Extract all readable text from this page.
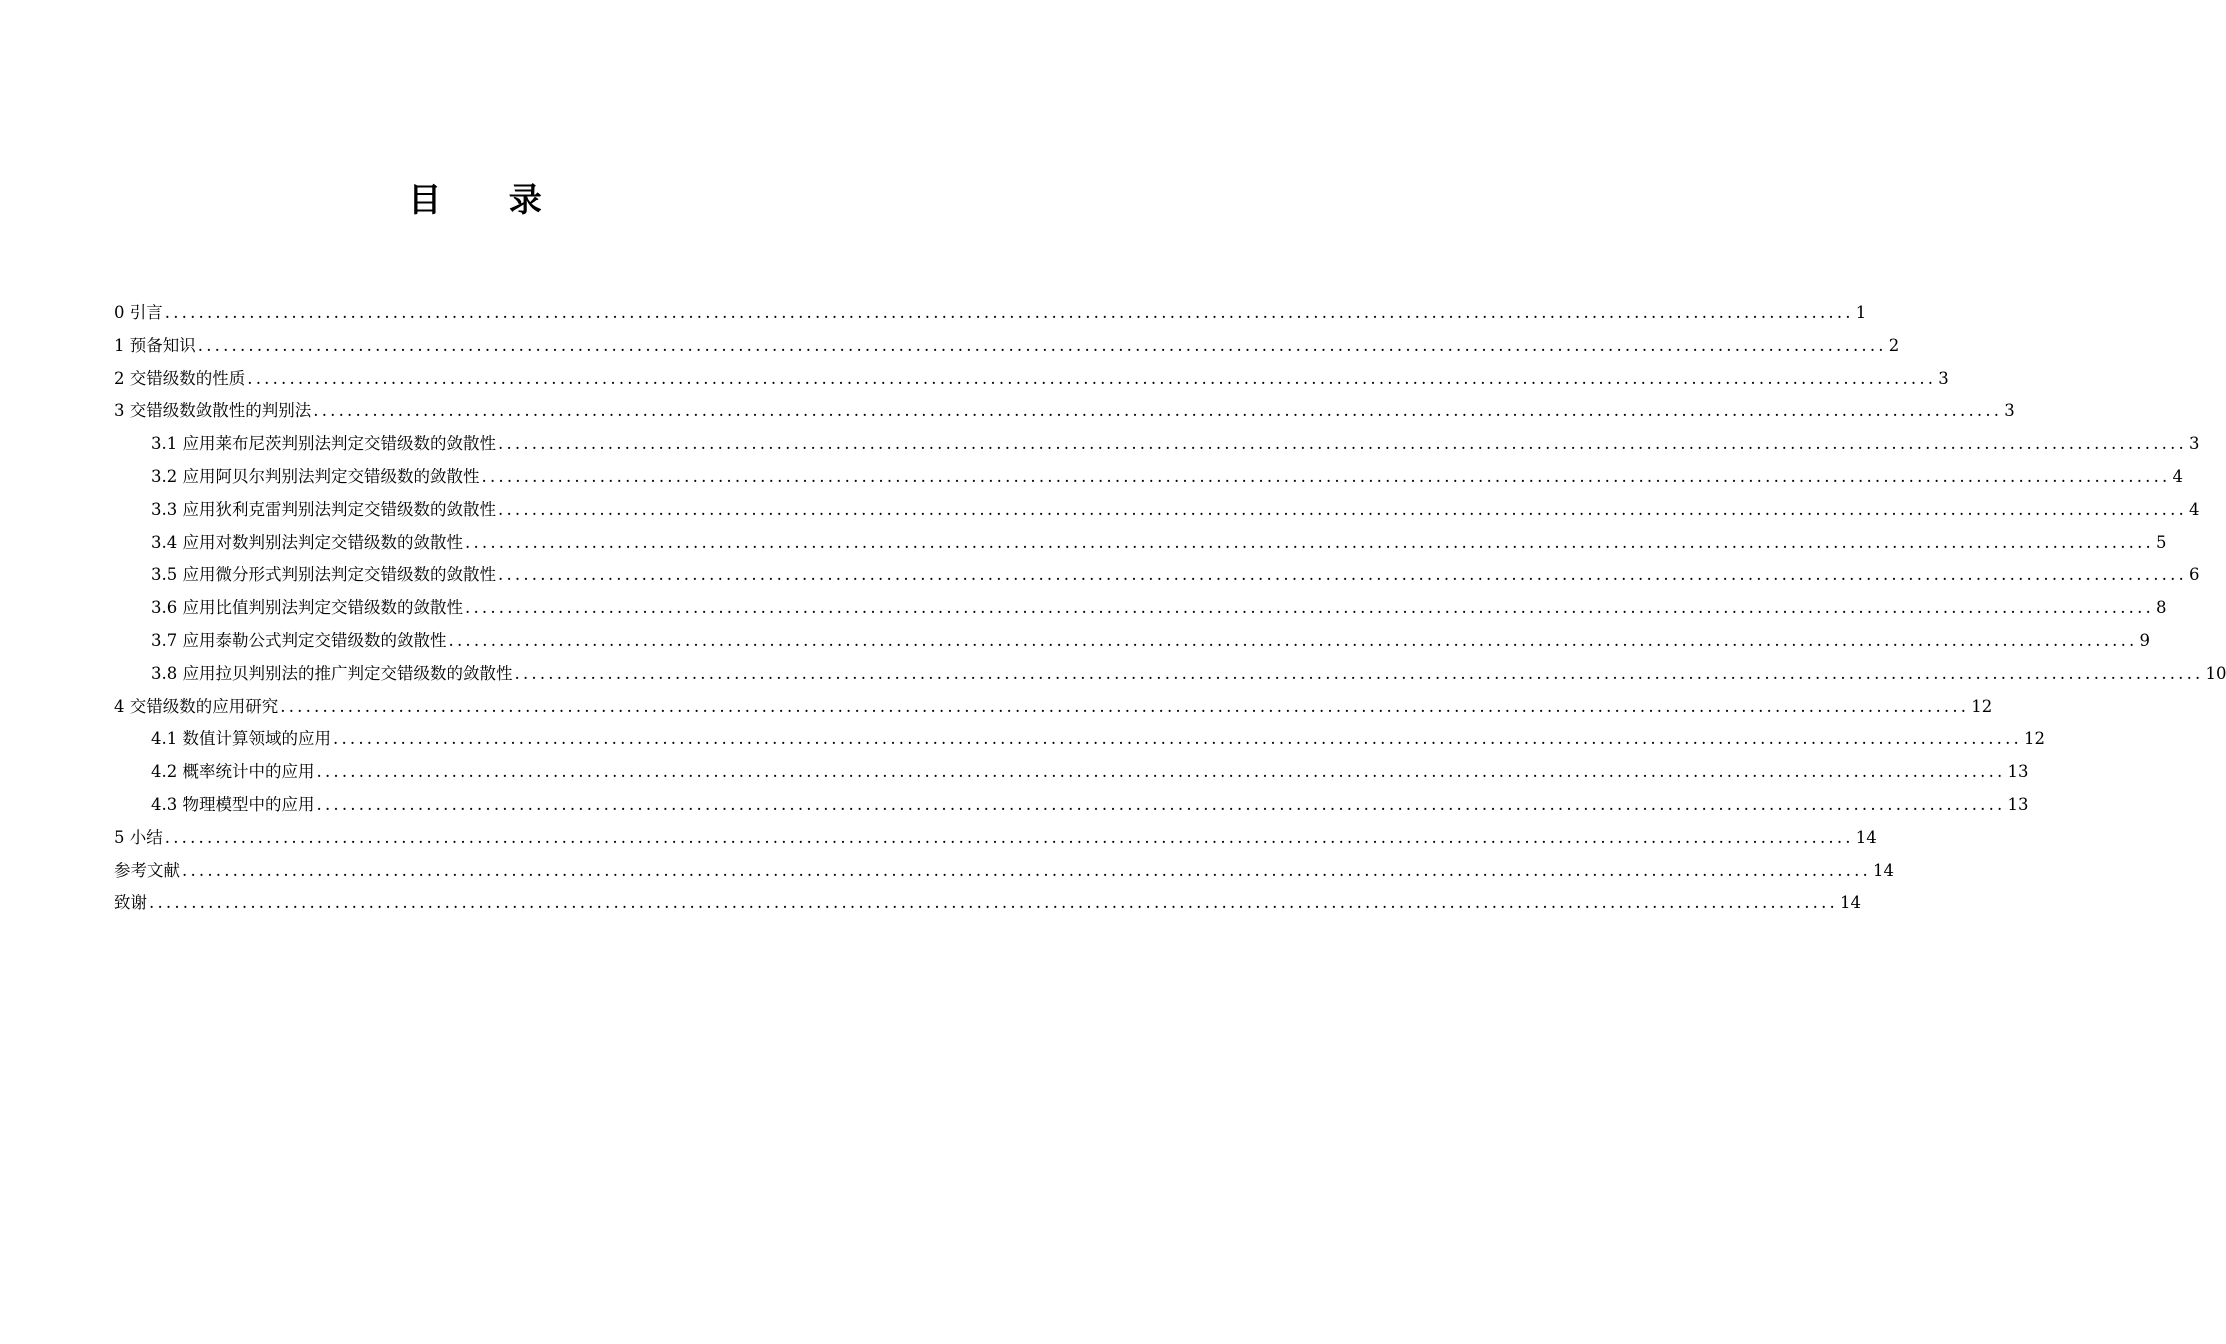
目 录
0 引言 ........................................................................................................................................................................................................ 1
1 预备知识 ........................................................................................................................................................................................................ 2
2 交错级数的性质 ........................................................................................................................................................................................................ 3
3 交错级数敛散性的判别法 ........................................................................................................................................................................................................ 3
3.1 应用莱布尼茨判别法判定交错级数的敛散性 ........................................................................................................................................................................................................ 3
3.2 应用阿贝尔判别法判定交错级数的敛散性 ........................................................................................................................................................................................................ 4
3.3 应用狄利克雷判别法判定交错级数的敛散性 ........................................................................................................................................................................................................ 4
3.4 应用对数判别法判定交错级数的敛散性 ........................................................................................................................................................................................................ 5
3.5 应用微分形式判别法判定交错级数的敛散性 ........................................................................................................................................................................................................ 6
3.6 应用比值判别法判定交错级数的敛散性 ........................................................................................................................................................................................................ 8
3.7 应用泰勒公式判定交错级数的敛散性 ........................................................................................................................................................................................................ 9
3.8 应用拉贝判别法的推广判定交错级数的敛散性 ........................................................................................................................................................................................................ 10
4 交错级数的应用研究 ........................................................................................................................................................................................................ 12
4.1 数值计算领域的应用 ........................................................................................................................................................................................................ 12
4.2 概率统计中的应用 ........................................................................................................................................................................................................ 13
4.3 物理模型中的应用 ........................................................................................................................................................................................................ 13
5 小结 ........................................................................................................................................................................................................ 14
参考文献 ........................................................................................................................................................................................................ 14
致谢 ........................................................................................................................................................................................................ 14
